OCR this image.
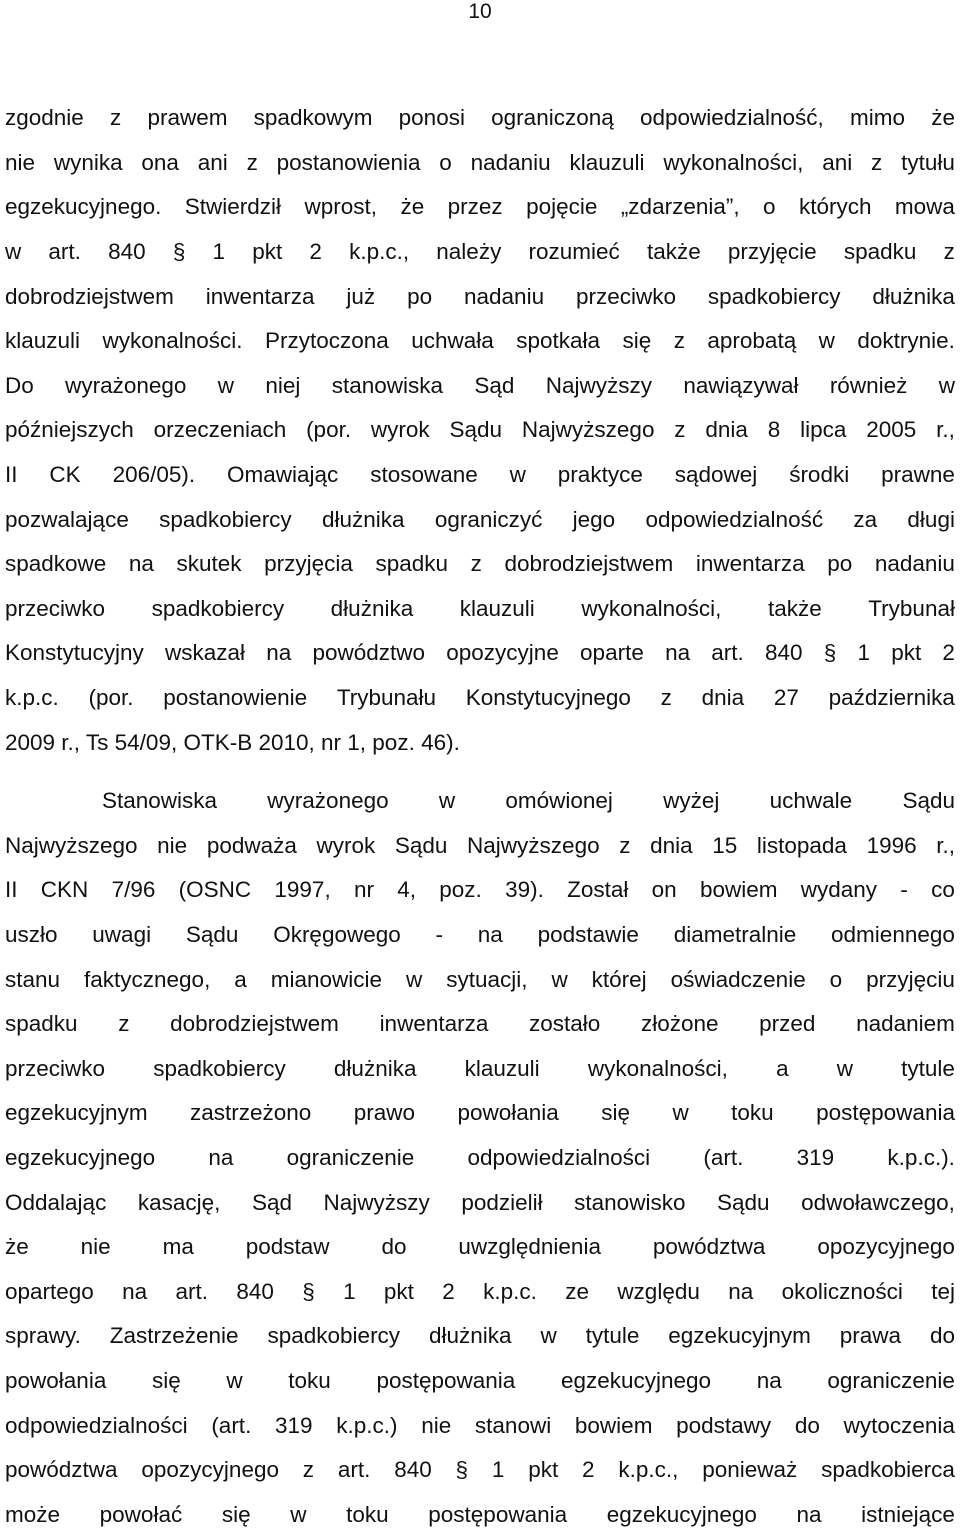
10
zgodnie z prawem spadkowym ponosi ograniczoną odpowiedzialność, mimo że
nie wynika ona ani z postanowienia o nadaniu klauzuli wykonalności, ani z tytułu
egzekucyjnego. Stwierdził wprost, że przez pojęcie „zdarzenia”, o których mowa
w art. 840 § 1 pkt 2 k.p.c., należy rozumieć także przyjęcie spadku z
dobrodziejstwem inwentarza już po nadaniu przeciwko spadkobiercy dłużnika
klauzuli wykonalności. Przytoczona uchwała spotkała się z aprobatą w doktrynie.
Do wyrażonego w niej stanowiska Sąd Najwyższy nawiązywał również w
późniejszych orzeczeniach (por. wyrok Sądu Najwyższego z dnia 8 lipca 2005 r.,
II CK 206/05). Omawiając stosowane w praktyce sądowej środki prawne
pozwalające spadkobiercy dłużnika ograniczyć jego odpowiedzialność za długi
spadkowe na skutek przyjęcia spadku z dobrodziejstwem inwentarza po nadaniu
przeciwko spadkobiercy dłużnika klauzuli wykonalności, także Trybunał
Konstytucyjny wskazał na powództwo opozycyjne oparte na art. 840 § 1 pkt 2
k.p.c. (por. postanowienie Trybunału Konstytucyjnego z dnia 27 października
2009 r., Ts 54/09, OTK-B 2010, nr 1, poz. 46).
Stanowiska wyrażonego w omówionej wyżej uchwale Sądu
Najwyższego nie podważa wyrok Sądu Najwyższego z dnia 15 listopada 1996 r.,
II CKN 7/96 (OSNC 1997, nr 4, poz. 39). Został on bowiem wydany - co
uszło uwagi Sądu Okręgowego - na podstawie diametralnie odmiennego
stanu faktycznego, a mianowicie w sytuacji, w której oświadczenie o przyjęciu
spadku z dobrodziejstwem inwentarza zostało złożone przed nadaniem
przeciwko spadkobiercy dłużnika klauzuli wykonalności, a w tytule
egzekucyjnym zastrzeżono prawo powołania się w toku postępowania
egzekucyjnego na ograniczenie odpowiedzialności (art. 319 k.p.c.).
Oddalając kasację, Sąd Najwyższy podzielił stanowisko Sądu odwoławczego,
że nie ma podstaw do uwzględnienia powództwa opozycyjnego
opartego na art. 840 § 1 pkt 2 k.p.c. ze względu na okoliczności tej
sprawy. Zastrzeżenie spadkobiercy dłużnika w tytule egzekucyjnym prawa do
powołania się w toku postępowania egzekucyjnego na ograniczenie
odpowiedzialności (art. 319 k.p.c.) nie stanowi bowiem podstawy do wytoczenia
powództwa opozycyjnego z art. 840 § 1 pkt 2 k.p.c., ponieważ spadkobierca
może powołać się w toku postępowania egzekucyjnego na istniejące
